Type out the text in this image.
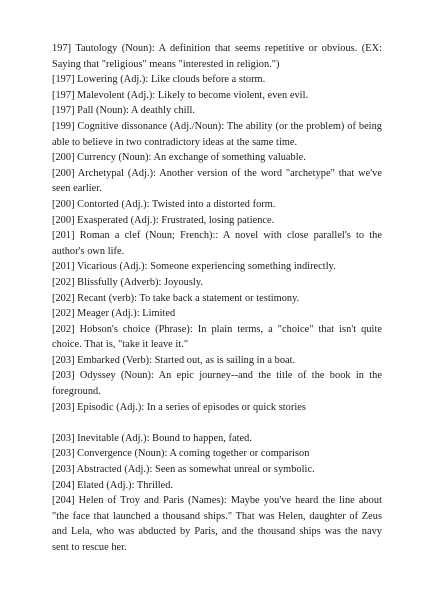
197] Tautology (Noun): A definition that seems repetitive or obvious. (EX: Saying that "religious" means "interested in religion.")

[197] Lowering (Adj.): Like clouds before a storm.

[197] Malevolent (Adj.): Likely to become violent, even evil.

[197] Pall (Noun): A deathly chill.

[199] Cognitive dissonance (Adj./Noun): The ability (or the problem) of being able to believe in two contradictory ideas at the same time.

[200] Currency (Noun): An exchange of something valuable.

[200] Archetypal (Adj.): Another version of the word "archetype" that we've seen earlier.

[200] Contorted (Adj.): Twisted into a distorted form.

[200] Exasperated (Adj.): Frustrated, losing patience.

[201] Roman a clef (Noun; French):: A novel with close parallel's to the author's own life.

[201] Vicarious (Adj.): Someone experiencing something indirectly.

[202] Blissfully (Adverb): Joyously.

[202] Recant (verb): To take back a statement or testimony.

[202] Meager (Adj.): Limited

[202] Hobson's choice (Phrase): In plain terms, a "choice" that isn't quite choice. That is, "take it leave it."

[203] Embarked (Verb): Started out, as is sailing in a boat.

[203] Odyssey (Noun): An epic journey--and the title of the book in the foreground.

[203] Episodic (Adj.): In a series of episodes or quick stories

[203] Inevitable (Adj.): Bound to happen, fated.

[203] Convergence (Noun): A coming together or comparison

[203] Abstracted (Adj.): Seen as somewhat unreal or symbolic.

[204] Elated (Adj.): Thrilled.

[204] Helen of Troy and Paris (Names): Maybe you've heard the line about "the face that launched a thousand ships." That was Helen, daughter of Zeus and Lela, who was abducted by Paris, and the thousand ships was the navy sent to rescue her.
